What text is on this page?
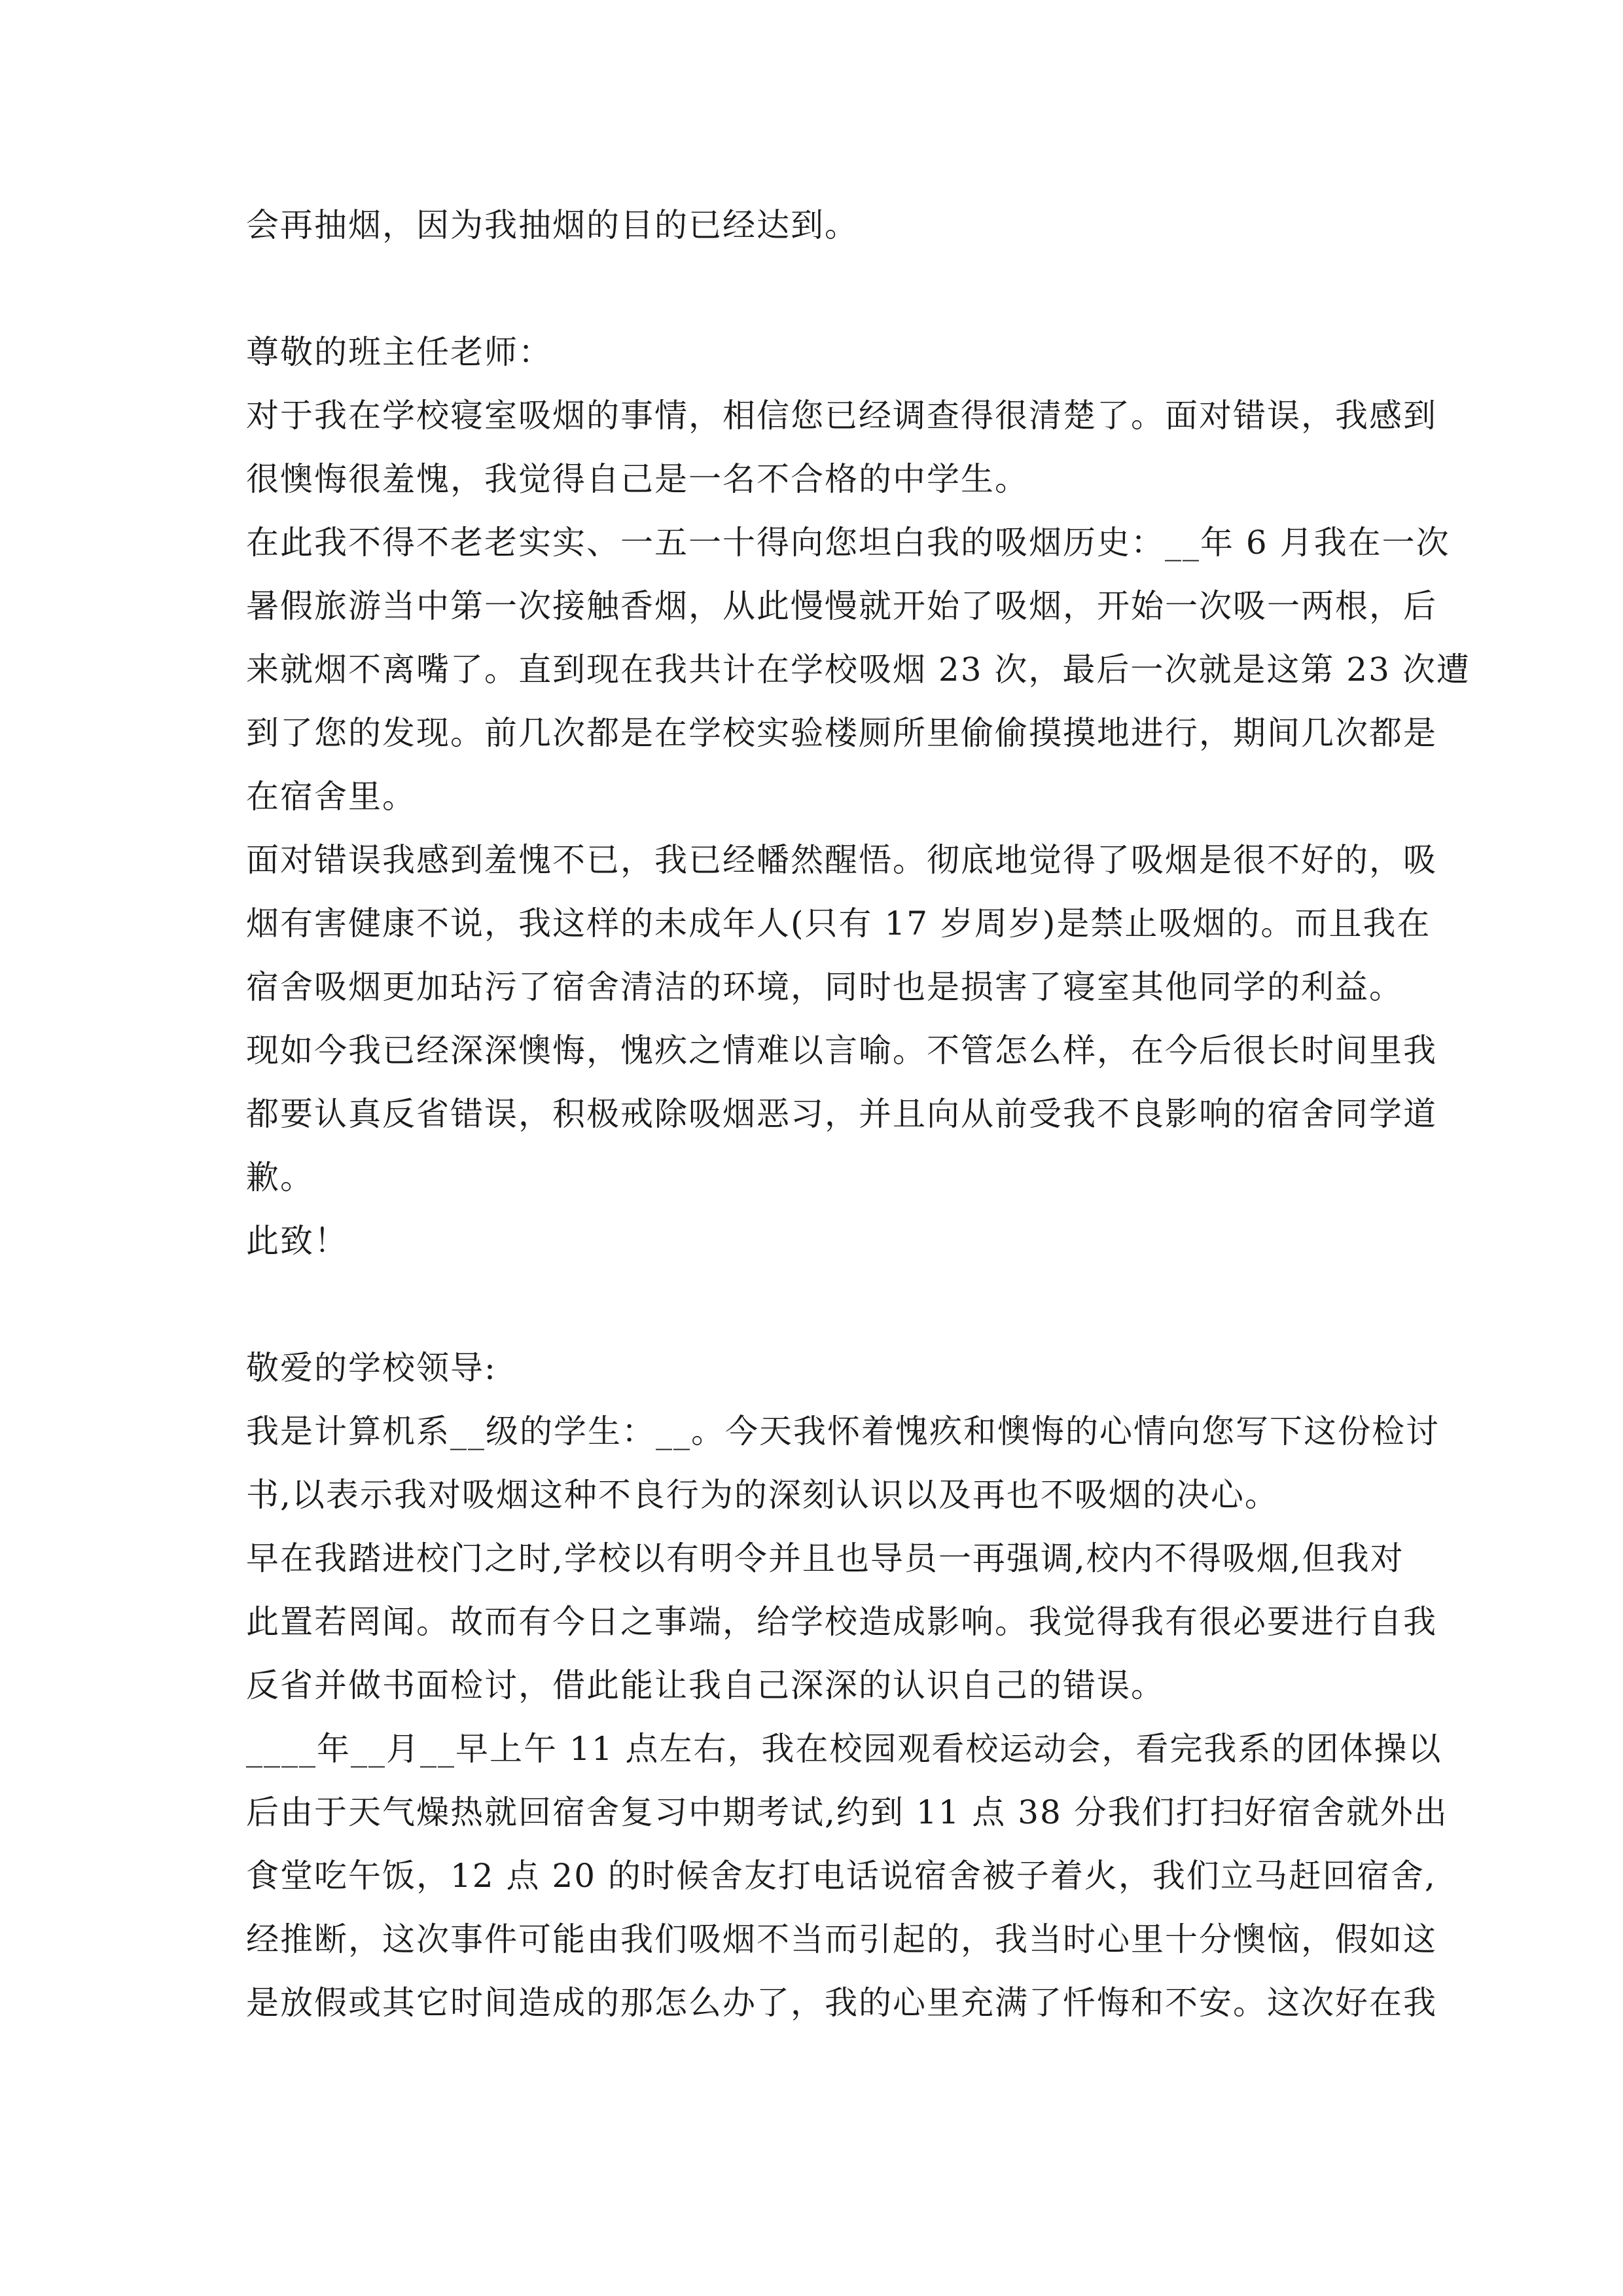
会再抽烟，因为我抽烟的目的已经达到。
尊敬的班主任老师：
对于我在学校寝室吸烟的事情，相信您已经调查得很清楚了。面对错误，我感到
很懊悔很羞愧，我觉得自己是一名不合格的中学生。
在此我不得不老老实实、一五一十得向您坦白我的吸烟历史：__年 6 月我在一次
暑假旅游当中第一次接触香烟，从此慢慢就开始了吸烟，开始一次吸一两根，后
来就烟不离嘴了。直到现在我共计在学校吸烟 23 次，最后一次就是这第 23 次遭
到了您的发现。前几次都是在学校实验楼厕所里偷偷摸摸地进行，期间几次都是
在宿舍里。
面对错误我感到羞愧不已，我已经幡然醒悟。彻底地觉得了吸烟是很不好的，吸
烟有害健康不说，我这样的未成年人(只有 17 岁周岁)是禁止吸烟的。而且我在
宿舍吸烟更加玷污了宿舍清洁的环境，同时也是损害了寝室其他同学的利益。
现如今我已经深深懊悔，愧疚之情难以言喻。不管怎么样，在今后很长时间里我
都要认真反省错误，积极戒除吸烟恶习，并且向从前受我不良影响的宿舍同学道
歉。
此致！
敬爱的学校领导:
我是计算机系__级的学生：__。今天我怀着愧疚和懊悔的心情向您写下这份检讨
书,以表示我对吸烟这种不良行为的深刻认识以及再也不吸烟的决心。
早在我踏进校门之时,学校以有明令并且也导员一再强调,校内不得吸烟,但我对
此置若罔闻。故而有今日之事端，给学校造成影响。我觉得我有很必要进行自我
反省并做书面检讨，借此能让我自己深深的认识自己的错误。
____年__月__早上午 11 点左右，我在校园观看校运动会，看完我系的团体操以
后由于天气燥热就回宿舍复习中期考试,约到 11 点 38 分我们打扫好宿舍就外出
食堂吃午饭，12 点 20 的时候舍友打电话说宿舍被子着火，我们立马赶回宿舍,
经推断，这次事件可能由我们吸烟不当而引起的，我当时心里十分懊恼，假如这
是放假或其它时间造成的那怎么办了，我的心里充满了忏悔和不安。这次好在我
